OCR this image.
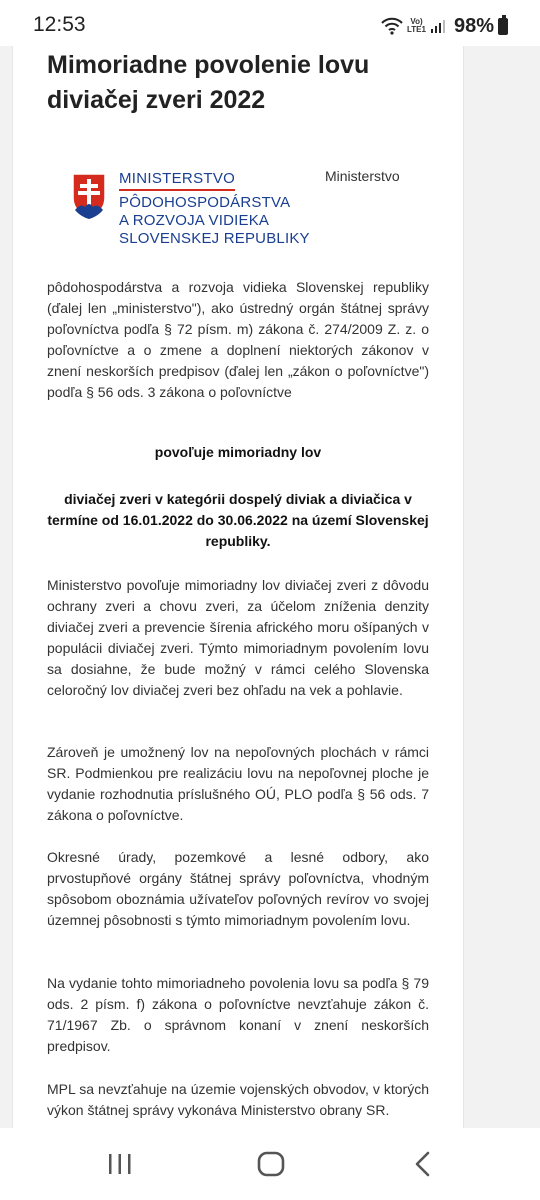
12:53	Vo)
LTE1 98%
Mimoriadne povolenie lovu diviačej zveri 2022
MINISTERSTVO
PÔDOHOSPODÁRSTVA
A ROZVOJA VIDIEKA
SLOVENSKEJ REPUBLIKY
Ministerstvo

pôdohospodárstva a rozvoja vidieka Slovenskej republiky (ďalej len „ministerstvo"), ako ústredný orgán štátnej správy poľovníctva podľa § 72 písm. m) zákona č. 274/2009 Z. z. o poľovníctve a o zmene a doplnení niektorých zákonov v znení neskorších predpisov (ďalej len „zákon o poľovníctve") podľa § 56 ods. 3 zákona o poľovníctve

povoľuje mimoriadny lov

diviačej zveri v kategórii dospelý diviak a diviačica v termíne od 16.01.2022 do 30.06.2022 na území Slovenskej republiky.

Ministerstvo povoľuje mimoriadny lov diviačej zveri z dôvodu ochrany zveri a chovu zveri, za účelom zníženia denzity diviačej zveri a prevencie šírenia afrického moru ošípaných v populácii diviačej zveri. Týmto mimoriadnym povolením lovu sa dosiahne, že bude možný v rámci celého Slovenska celoročný lov diviačej zveri bez ohľadu na vek a pohlavie.

Zároveň je umožnený lov na nepoľovných plochách v rámci SR. Podmienkou pre realizáciu lovu na nepoľovnej ploche je vydanie rozhodnutia príslušného OÚ, PLO podľa § 56 ods. 7 zákona o poľovníctve.

Okresné úrady, pozemkové a lesné odbory, ako prvostupňové orgány štátnej správy poľovníctva, vhodným spôsobom oboznámia užívateľov poľovných revírov vo svojej územnej pôsobnosti s týmto mimoriadnym povolením lovu.

Na vydanie tohto mimoriadneho povolenia lovu sa podľa § 79 ods. 2 písm. f) zákona o poľovníctve nevzťahuje zákon č. 71/1967 Zb. o správnom konaní v znení neskorších predpisov.

MPL sa nevzťahuje na územie vojenských obvodov, v ktorých výkon štátnej správy vykonáva Ministerstvo obrany SR.
